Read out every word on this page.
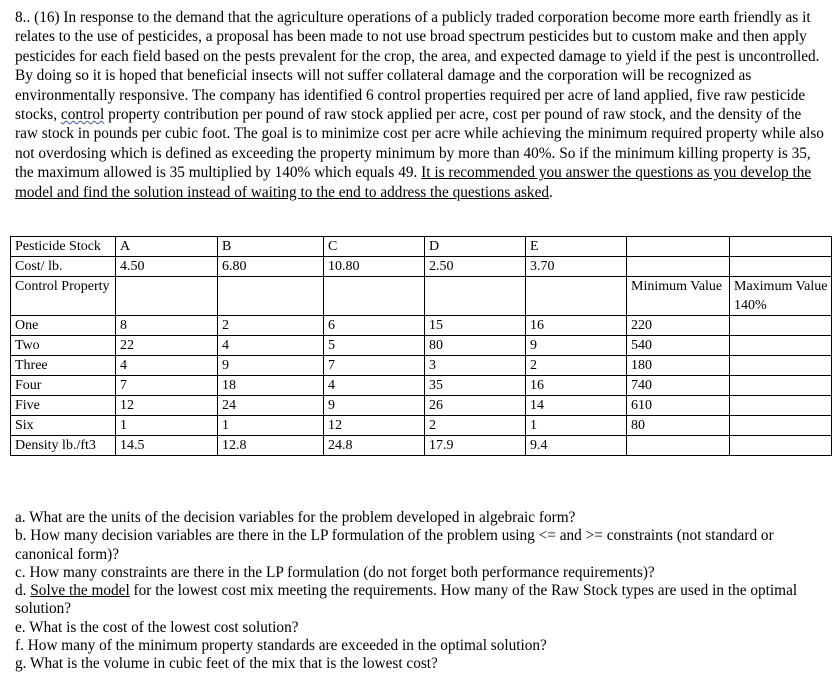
8.. (16) In response to the demand that the agriculture operations of a publicly traded corporation become more earth friendly as it relates to the use of pesticides, a proposal has been made to not use broad spectrum pesticides but to custom make and then apply pesticides for each field based on the pests prevalent for the crop, the area, and expected damage to yield if the pest is uncontrolled. By doing so it is hoped that beneficial insects will not suffer collateral damage and the corporation will be recognized as environmentally responsive. The company has identified 6 control properties required per acre of land applied, five raw pesticide stocks, control property contribution per pound of raw stock applied per acre, cost per pound of raw stock, and the density of the raw stock in pounds per cubic foot. The goal is to minimize cost per acre while achieving the minimum required property while also not overdosing which is defined as exceeding the property minimum by more than 40%. So if the minimum killing property is 35, the maximum allowed is 35 multiplied by 140% which equals 49. It is recommended you answer the questions as you develop the model and find the solution instead of waiting to the end to address the questions asked.
Pesticide Stock	A	B	C	D	E		
Cost/ lb.	4.50	6.80	10.80	2.50	3.70		
Control Property						Minimum Value	Maximum Value 140%
One	8	2	6	15	16	220	
Two	22	4	5	80	9	540	
Three	4	9	7	3	2	180	
Four	7	18	4	35	16	740	
Five	12	24	9	26	14	610	
Six	1	1	12	2	1	80	
Density lb./ft3	14.5	12.8	24.8	17.9	9.4		

a. What are the units of the decision variables for the problem developed in algebraic form?

b. How many decision variables are there in the LP formulation of the problem using <= and >= constraints (not standard or canonical form)?

c. How many constraints are there in the LP formulation (do not forget both performance requirements)?

d. Solve the model for the lowest cost mix meeting the requirements. How many of the Raw Stock types are used in the optimal solution?

e. What is the cost of the lowest cost solution?

f. How many of the minimum property standards are exceeded in the optimal solution?

g. What is the volume in cubic feet of the mix that is the lowest cost?
